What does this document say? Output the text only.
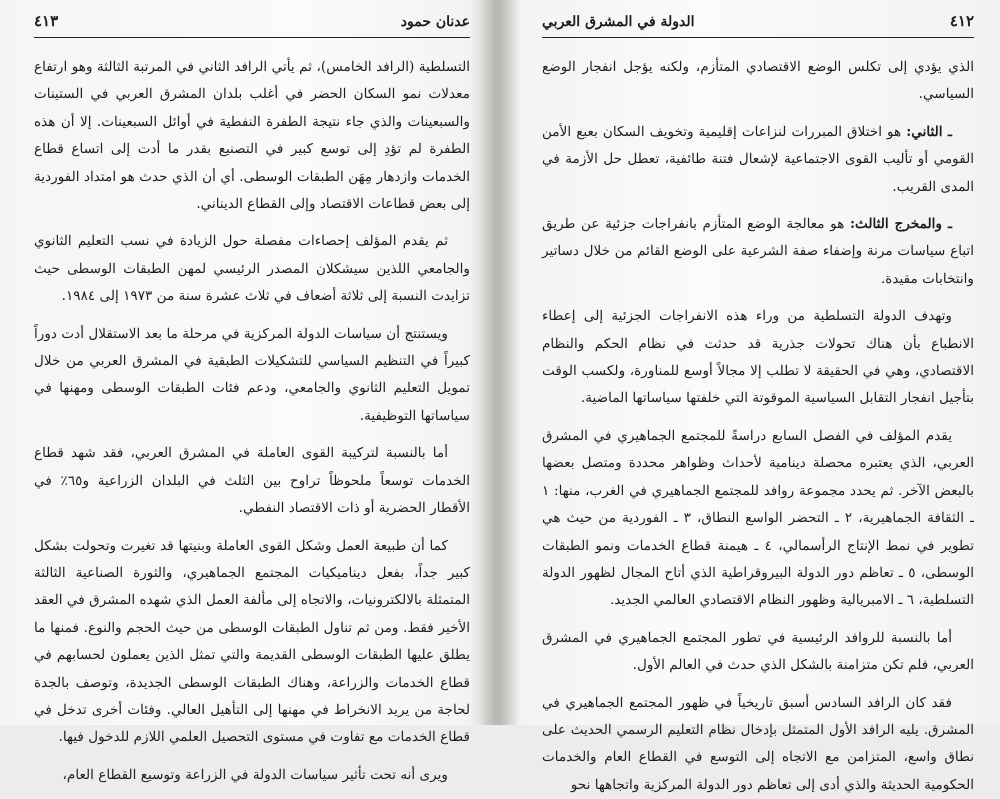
عدنان حمود
٤١٣

التسلطية (الرافد الخامس)، ثم يأتي الرافد الثاني في المرتبة الثالثة وهو ارتفاع معدلات نمو السكان الحضر في أغلب بلدان المشرق العربي في الستينات والسبعينات والذي جاء نتيجة الطفرة النفطية في أوائل السبعينات. إلا أن هذه الطفرة لم تؤدِ إلى توسع كبير في التصنيع بقدر ما أدت إلى اتساع قطاع الخدمات وازدهار مِهَن الطبقات الوسطى. أي أن الذي حدث هو امتداد الفوردية إلى بعض قطاعات الاقتصاد وإلى القطاع الديناني.

ثم يقدم المؤلف إحصاءات مفصلة حول الزيادة في نسب التعليم الثانوي والجامعي اللذين سيشكلان المصدر الرئيسي لمهن الطبقات الوسطى حيث تزايدت النسبة إلى ثلاثة أضعاف في ثلاث عشرة سنة من ١٩٧٣ إلى ١٩٨٤.

ويستنتج أن سياسات الدولة المركزية في مرحلة ما بعد الاستقلال أدت دوراً كبيراً في التنظيم السياسي للتشكيلات الطبقية في المشرق العربي من خلال تمويل التعليم الثانوي والجامعي، ودعم فئات الطبقات الوسطى ومهنها في سياساتها التوظيفية.

أما بالنسبة لتركيبة القوى العاملة في المشرق العربي، فقد شهد قطاع الخدمات توسعاً ملحوظاً تراوح بين الثلث في البلدان الزراعية و٦٥٪ في الأقطار الحضرية أو ذات الاقتصاد النفطي.

كما أن طبيعة العمل وشكل القوى العاملة وبنيتها قد تغيرت وتحولت بشكل كبير جداً، بفعل ديناميكيات المجتمع الجماهيري، والثورة الصناعية الثالثة المتمثلة بالالكترونيات، والاتجاه إلى مألفة العمل الذي شهده المشرق في العقد الأخير فقط. ومن ثم تناول الطبقات الوسطى من حيث الحجم والنوع. فمنها ما يطلق عليها الطبقات الوسطى القديمة والتي تمثل الذين يعملون لحسابهم في قطاع الخدمات والزراعة، وهناك الطبقات الوسطى الجديدة، وتوصف بالجدة لحاجة من يريد الانخراط في مهنها إلى التأهيل العالي. وفئات أخرى تدخل في قطاع الخدمات مع تفاوت في مستوى التحصيل العلمي اللازم للدخول فيها.

ويرى أنه تحت تأثير سياسات الدولة في الزراعة وتوسيع القطاع العام،

٤١٢
الدولة في المشرق العربي

الذي يؤدي إلى تكلس الوضع الاقتصادي المتأزم، ولكنه يؤجل انفجار الوضع السياسي.

ـ الثاني: هو اختلاق المبررات لنزاعات إقليمية وتخويف السكان بعبع الأمن القومي أو تأليب القوى الاجتماعية لإشعال فتنة طائفية، تعطل حل الأزمة في المدى القريب.

ـ والمخرج الثالث: هو معالجة الوضع المتأزم بانفراجات جزئية عن طريق اتباع سياسات مرنة وإضفاء صفة الشرعية على الوضع القائم من خلال دساتير وانتخابات مقيدة.

وتهدف الدولة التسلطية من وراء هذه الانفراجات الجزئية إلى إعطاء الانطباع بأن هناك تحولات جذرية قد حدثت في نظام الحكم والنظام الاقتصادي، وهي في الحقيقة لا تطلب إلا مجالاً أوسع للمناورة، ولكسب الوقت بتأجيل انفجار التقابل السياسية الموقوتة التي خلفتها سياساتها الماضية.

يقدم المؤلف في الفصل السابع دراسةً للمجتمع الجماهيري في المشرق العربي، الذي يعتبره محصلة دينامية لأحداث وظواهر محددة ومتصل بعضها بالبعض الآخر. ثم يحدد مجموعة روافد للمجتمع الجماهيري في الغرب، منها: ١ ـ الثقافة الجماهيرية، ٢ ـ التحضر الواسع النطاق، ٣ ـ الفوردية من حيث هي تطوير في نمط الإنتاج الرأسمالي، ٤ ـ هيمنة قطاع الخدمات ونمو الطبقات الوسطى، ٥ ـ تعاظم دور الدولة البيروقراطية الذي أتاح المجال لظهور الدولة التسلطية، ٦ ـ الامبريالية وظهور النظام الاقتصادي العالمي الجديد.

أما بالنسبة للروافد الرئيسية في تطور المجتمع الجماهيري في المشرق العربي، فلم تكن متزامنة بالشكل الذي حدث في العالم الأول.

فقد كان الرافد السادس أسبق تاريخياً في ظهور المجتمع الجماهيري في المشرق. يليه الرافد الأول المتمثل بإدخال نظام التعليم الرسمي الحديث على نطاق واسع، المتزامن مع الاتجاه إلى التوسع في القطاع العام والخدمات الحكومية الحديثة والذي أدى إلى تعاظم دور الدولة المركزية واتجاهها نحو
